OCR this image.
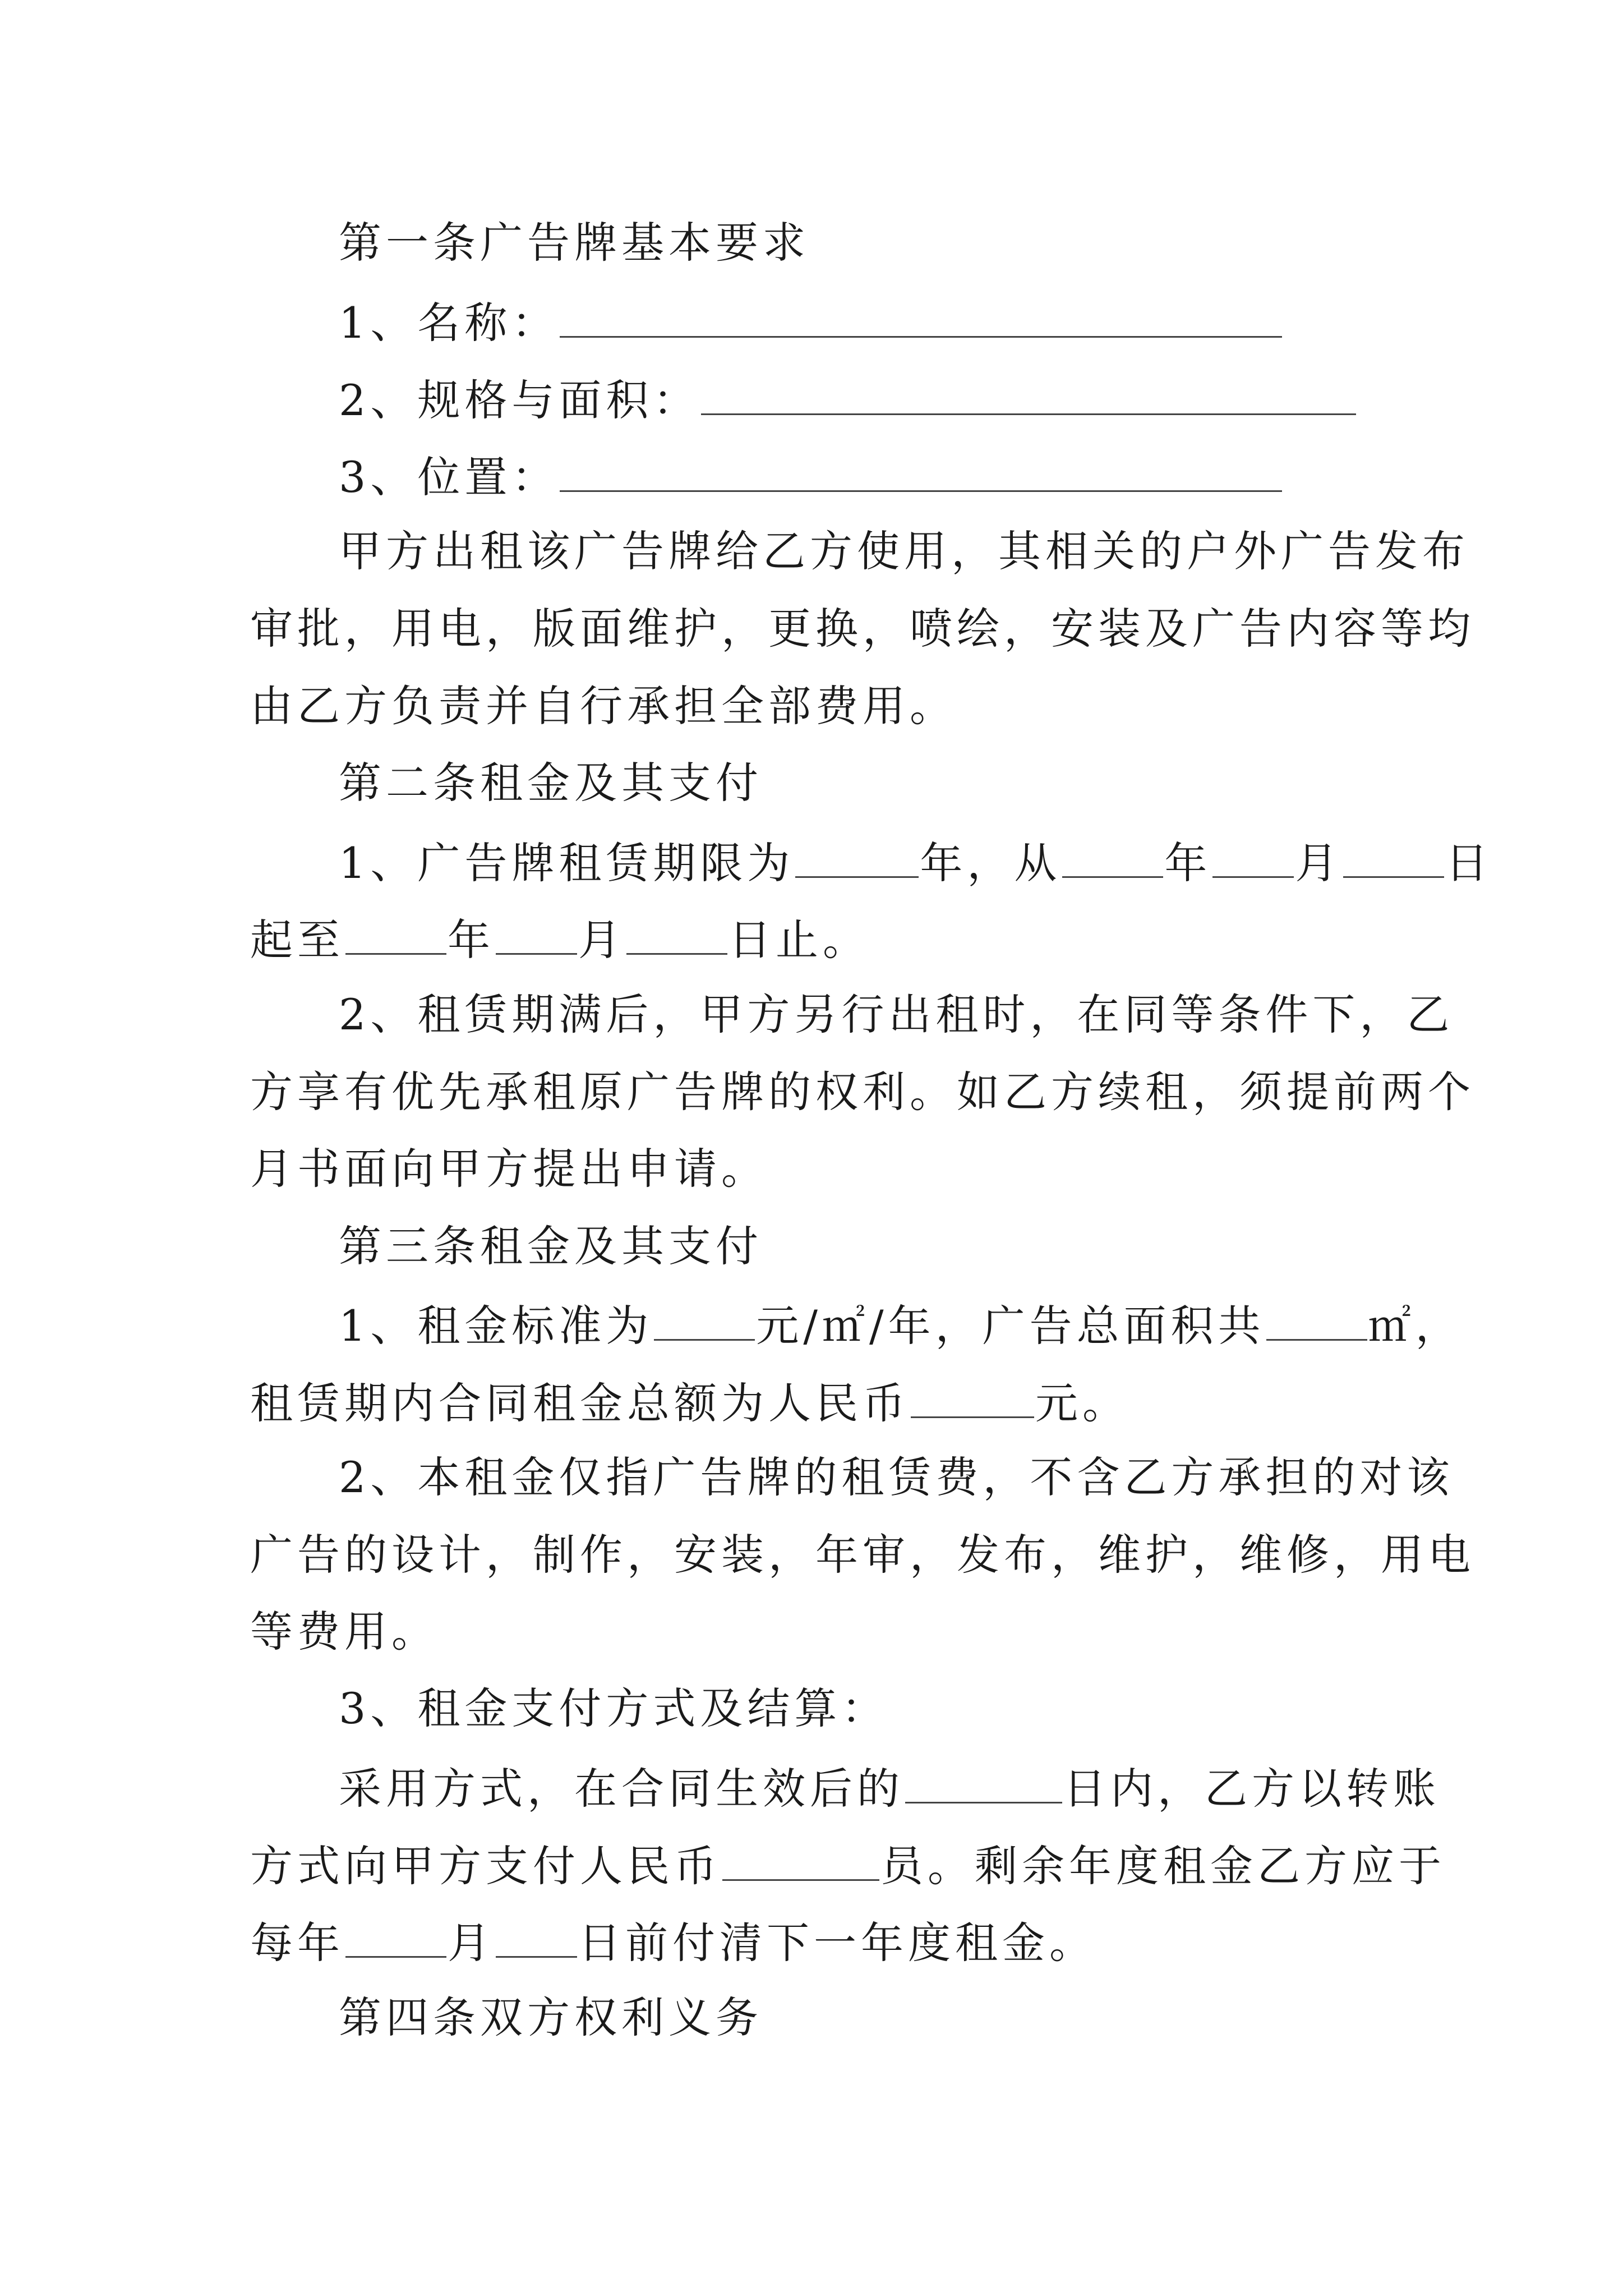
第一条广告牌基本要求
1、名称：
2、规格与面积：
3、位置：
甲方出租该广告牌给乙方使用，其相关的户外广告发布
审批，用电，版面维护，更换，喷绘，安装及广告内容等均
由乙方负责并自行承担全部费用。
第二条租金及其支付
1、广告牌租赁期限为	年，从 年 月 日
起至 年 月 日止。
2、租赁期满后，甲方另行出租时，在同等条件下，乙
方享有优先承租原广告牌的权利。如乙方续租，须提前两个
月书面向甲方提出申请。
第三条租金及其支付
1、租金标准为 元/㎡/年，广告总面积共 ㎡，
租赁期内合同租金总额为人民币	元。
2、本租金仅指广告牌的租赁费，不含乙方承担的对该
广告的设计，制作，安装，年审，发布，维护，维修，用电
等费用。
3、租金支付方式及结算：
采用方式，在合同生效后的	日内，乙方以转账
方式向甲方支付人民币	员。剩余年度租金乙方应于
每年 月 日前付清下一年度租金。
第四条双方权利义务
